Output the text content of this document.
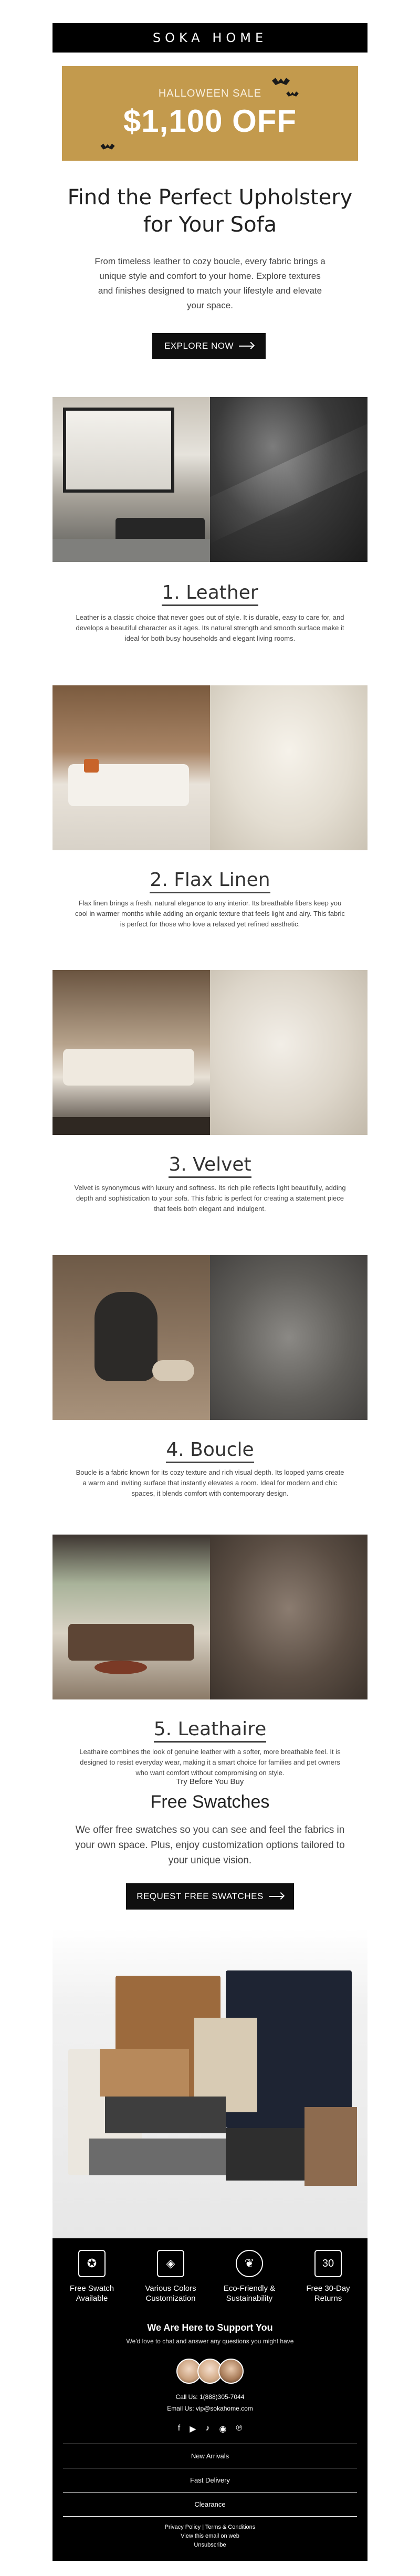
SOKA HOME
HALLOWEEN SALE
$1,100 OFF
Find the Perfect Upholstery for Your Sofa
From timeless leather to cozy boucle, every fabric brings a unique style and comfort to your home. Explore textures and finishes designed to match your lifestyle and elevate your space.
EXPLORE NOW
1. Leather
Leather is a classic choice that never goes out of style. It is durable, easy to care for, and develops a beautiful character as it ages. Its natural strength and smooth surface make it ideal for both busy households and elegant living rooms.
2. Flax Linen
Flax linen brings a fresh, natural elegance to any interior. Its breathable fibers keep you cool in warmer months while adding an organic texture that feels light and airy. This fabric is perfect for those who love a relaxed yet refined aesthetic.
3. Velvet
Velvet is synonymous with luxury and softness. Its rich pile reflects light beautifully, adding depth and sophistication to your sofa. This fabric is perfect for creating a statement piece that feels both elegant and indulgent.
4. Boucle
Boucle is a fabric known for its cozy texture and rich visual depth. Its looped yarns create a warm and inviting surface that instantly elevates a room. Ideal for modern and chic spaces, it blends comfort with contemporary design.
5. Leathaire
Leathaire combines the look of genuine leather with a softer, more breathable feel. It is designed to resist everyday wear, making it a smart choice for families and pet owners who want comfort without compromising on style.
Try Before You Buy
Free Swatches
We offer free swatches so you can see and feel the fabrics in your own space. Plus, enjoy customization options tailored to your unique vision.
REQUEST FREE SWATCHES
✪
Free Swatch Available
◈
Various Colors Customization
❦
Eco-Friendly & Sustainability
30
Free 30-Day Returns
We Are Here to Support You
We'd love to chat and answer any questions you might have
Call Us: 1(888)305-7044
Email Us: vip@sokahome.com
f ▶ ♪ ◉ ℗
New Arrivals
Fast Delivery
Clearance
Privacy Policy | Terms & Conditions
View this email on web
Unsubscribe
